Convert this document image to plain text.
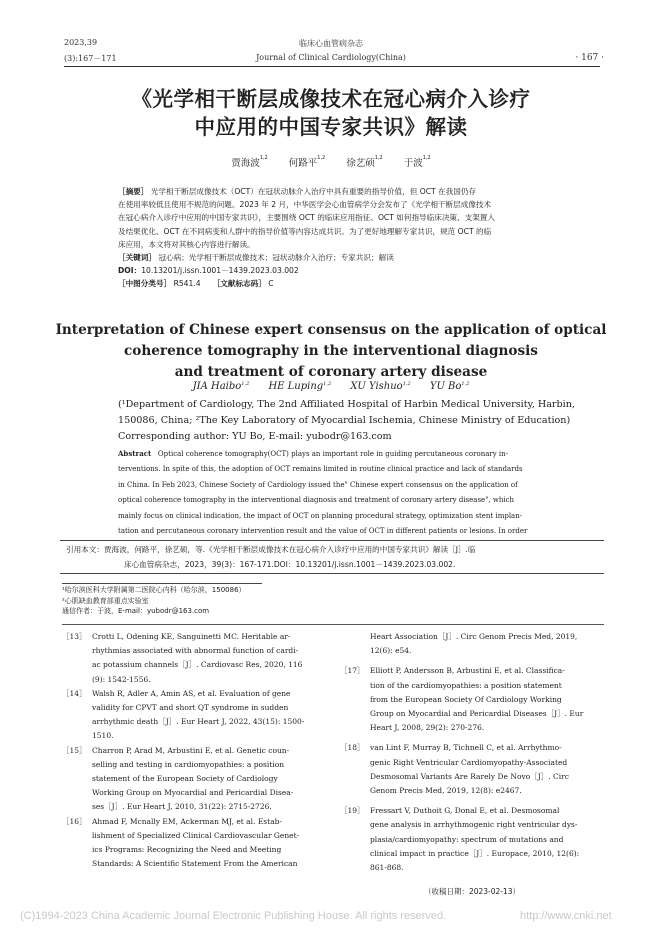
2023,39
(3):167－171
临床心血管病杂志
Journal of Clinical Cardiology(China)	· 167 ·
《光学相干断层成像技术在冠心病介入诊疗
中应用的中国专家共识》解读
贾海波$^{1,2}$ 何路平$^{1,2}$ 徐艺硕$^{1,2}$ 于波$^{1,2}$
［摘要］ 光学相干断层成像技术（OCT）在冠状动脉介入治疗中具有重要的指导价值，但 OCT 在我国仍存
在使用率较低且使用不规范的问题。2023 年 2 月，中华医学会心血管病学分会发布了《光学相干断层成像技术
在冠心病介入诊疗中应用的中国专家共识》，主要围绕 OCT 的临床应用指征、OCT 如何指导临床决策、支架置入
及结果优化、OCT 在不同病变和人群中的指导价值等内容达成共识。为了更好地理解专家共识，规范 OCT 的临
床应用，本文将对其核心内容进行解读。
［关键词］ 冠心病；光学相干断层成像技术；冠状动脉介入治疗；专家共识；解读
DOI：10.13201/j.issn.1001－1439.2023.03.002
［中图分类号］ R541.4 ［文献标志码］ C
Interpretation of Chinese expert consensus on the application of optical
coherence tomography in the interventional diagnosis
and treatment of coronary artery disease
JIA Haibo$^{1,2}$ HE Luping$^{1,2}$ XU Yishuo$^{1,2}$ YU Bo$^{1,2}$
(¹Department of Cardiology, The 2nd Affiliated Hospital of Harbin Medical University, Harbin,
150086, China; ²The Key Laboratory of Myocardial Ischemia, Chinese Ministry of Education)
Corresponding author: YU Bo, E-mail: yubodr@163.com
Abstract Optical coherence tomography(OCT) plays an important role in guiding percutaneous coronary in-
terventions. In spite of this, the adoption of OCT remains limited in routine clinical practice and lack of standards
in China. In Feb 2023, Chinese Society of Cardiology issued the" Chinese expert consensus on the application of
optical coherence tomography in the interventional diagnosis and treatment of coronary artery disease", which
mainly focus on clinical indication, the impact of OCT on planning procedural strategy, optimization stent implan-
tation and percutaneous coronary intervention result and the value of OCT in different patients or lesions. In order
引用本文：贾海波，何路平，徐艺硕，等.《光学相干断层成像技术在冠心病介入诊疗中应用的中国专家共识》解读［J］.临
床心血管病杂志，2023，39(3)：167-171.DOI：10.13201/j.issn.1001－1439.2023.03.002.
¹哈尔滨医科大学附属第二医院心内科（哈尔滨，150086）
²心肌缺血教育部重点实验室
通信作者：于波，E-mail：yubodr@163.com
［13］ Crotti L, Odening KE, Sanguinetti MC. Heritable ar-
rhythmias associated with abnormal function of cardi-
ac potassium channels［J］. Cardiovasc Res, 2020, 116
(9): 1542-1556.
［14］ Walsh R, Adler A, Amin AS, et al. Evaluation of gene
validity for CPVT and short QT syndrome in sudden
arrhythmic death［J］. Eur Heart J, 2022, 43(15): 1500-
1510.
［15］ Charron P, Arad M, Arbustini E, et al. Genetic coun-
selling and testing in cardiomyopathies: a position
statement of the European Society of Cardiology
Working Group on Myocardial and Pericardial Disea-
ses［J］. Eur Heart J, 2010, 31(22): 2715-2726.
［16］ Ahmad F, Mcnally EM, Ackerman MJ, et al. Estab-
lishment of Specialized Clinical Cardiovascular Genet-
ics Programs: Recognizing the Need and Meeting
Standards: A Scientific Statement From the American
Heart Association［J］. Circ Genom Precis Med, 2019,
12(6): e54.
［17］ Elliott P, Andersson B, Arbustini E, et al. Classifica-
tion of the cardiomyopathies: a position statement
from the European Society Of Cardiology Working
Group on Myocardial and Pericardial Diseases［J］. Eur
Heart J, 2008, 29(2): 270-276.
［18］ van Lint F, Murray B, Tichnell C, et al. Arrhythmo-
genic Right Ventricular Cardiomyopathy-Associated
Desmosomal Variants Are Rarely De Novo［J］. Circ
Genom Precis Med, 2019, 12(8): e2467.
［19］ Fressart V, Duthoit G, Donal E, et al. Desmosomal
gene analysis in arrhythmogenic right ventricular dys-
plasia/cardiomyopathy: spectrum of mutations and
clinical impact in practice［J］. Europace, 2010, 12(6):
861-868.
（收稿日期：2023-02-13）
(C)1994-2023 China Academic Journal Electronic Publishing House. All rights reserved.	http://www.cnki.net
